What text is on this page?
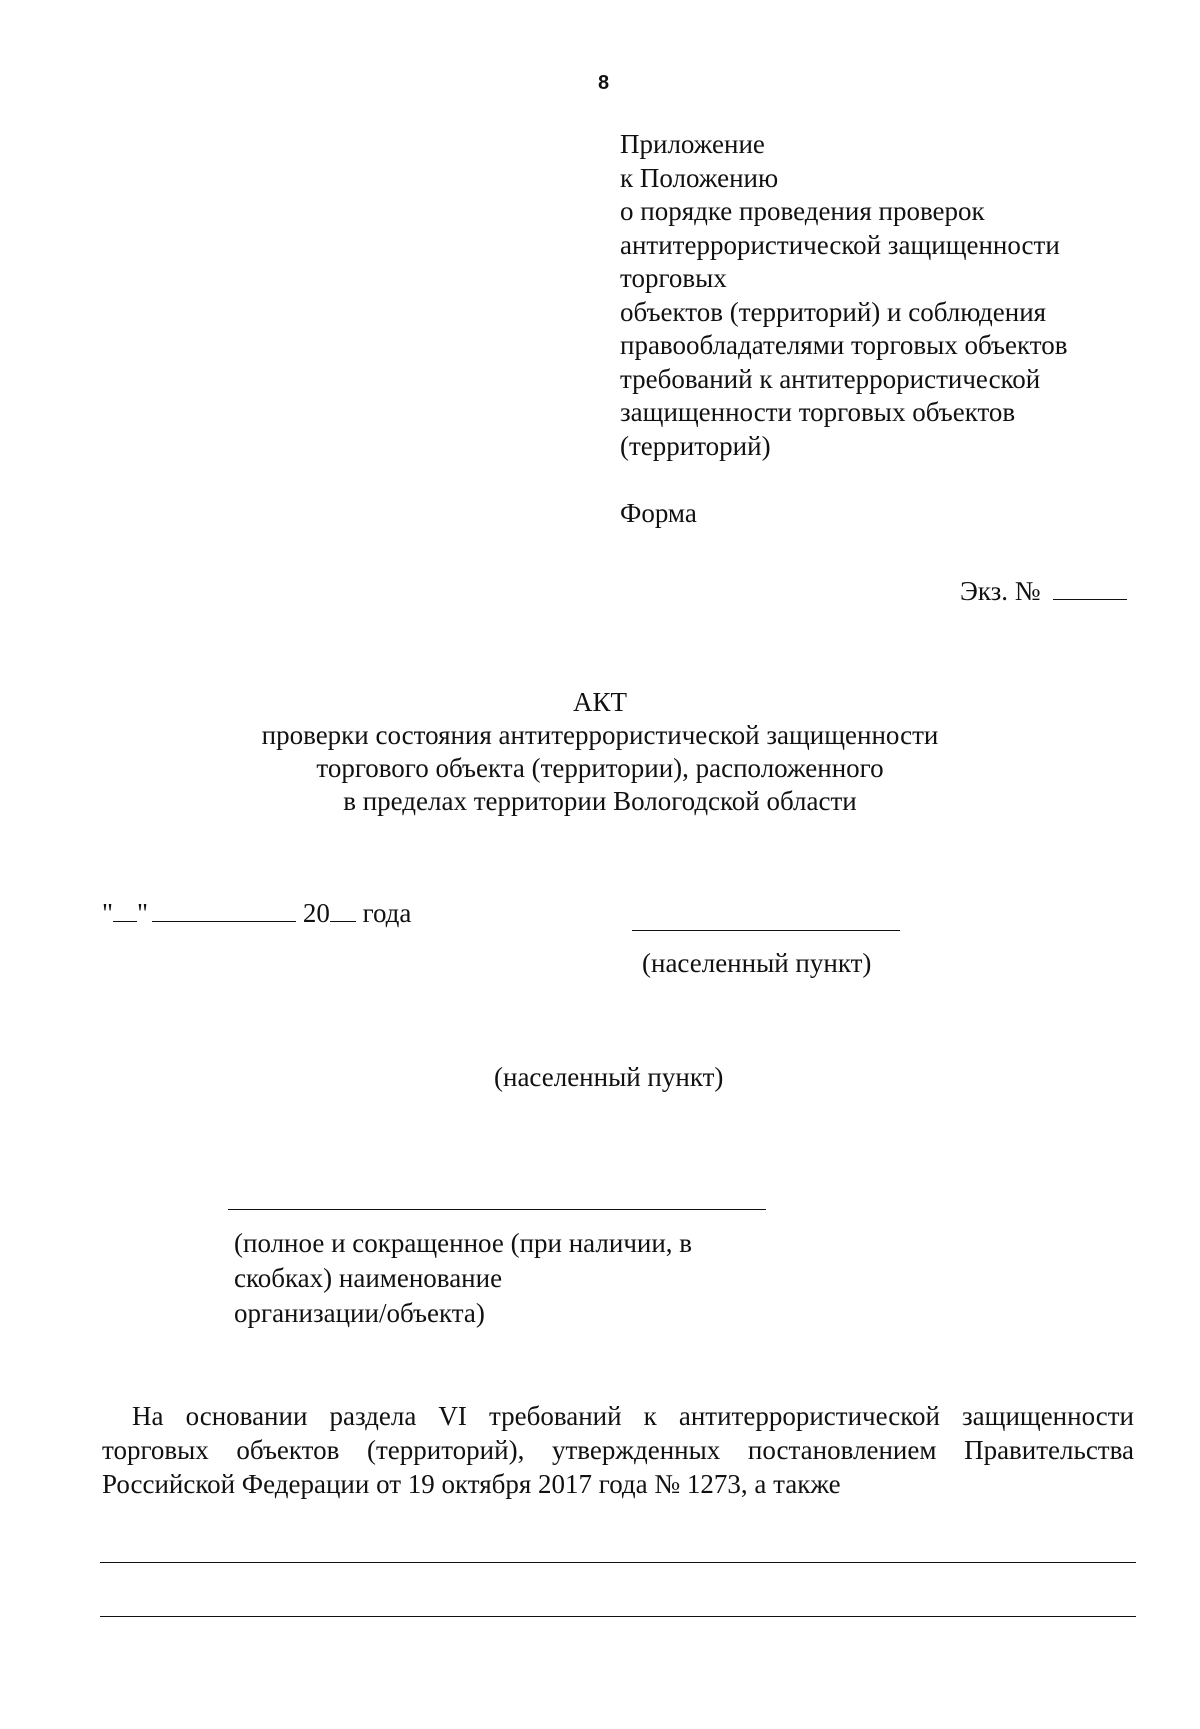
8
Приложение
к Положению
о порядке проведения проверок
антитеррористической защищенности
торговых
объектов (территорий) и соблюдения
правообладателями торговых объектов
требований к антитеррористической
защищенности торговых объектов
(территорий)
Форма
Экз. №
АКТ
проверки состояния антитеррористической защищенности
торгового объекта (территории), расположенного
в пределах территории Вологодской области
" "	20 года
(населенный пункт)
(населенный пункт)
(полное и сокращенное (при наличии, в
скобках) наименование
организации/объекта)
На основании раздела VI требований к антитеррористической защищенности торговых объектов (территорий), утвержденных постановлением Правительства Российской Федерации от 19 октября 2017 года № 1273, а также
